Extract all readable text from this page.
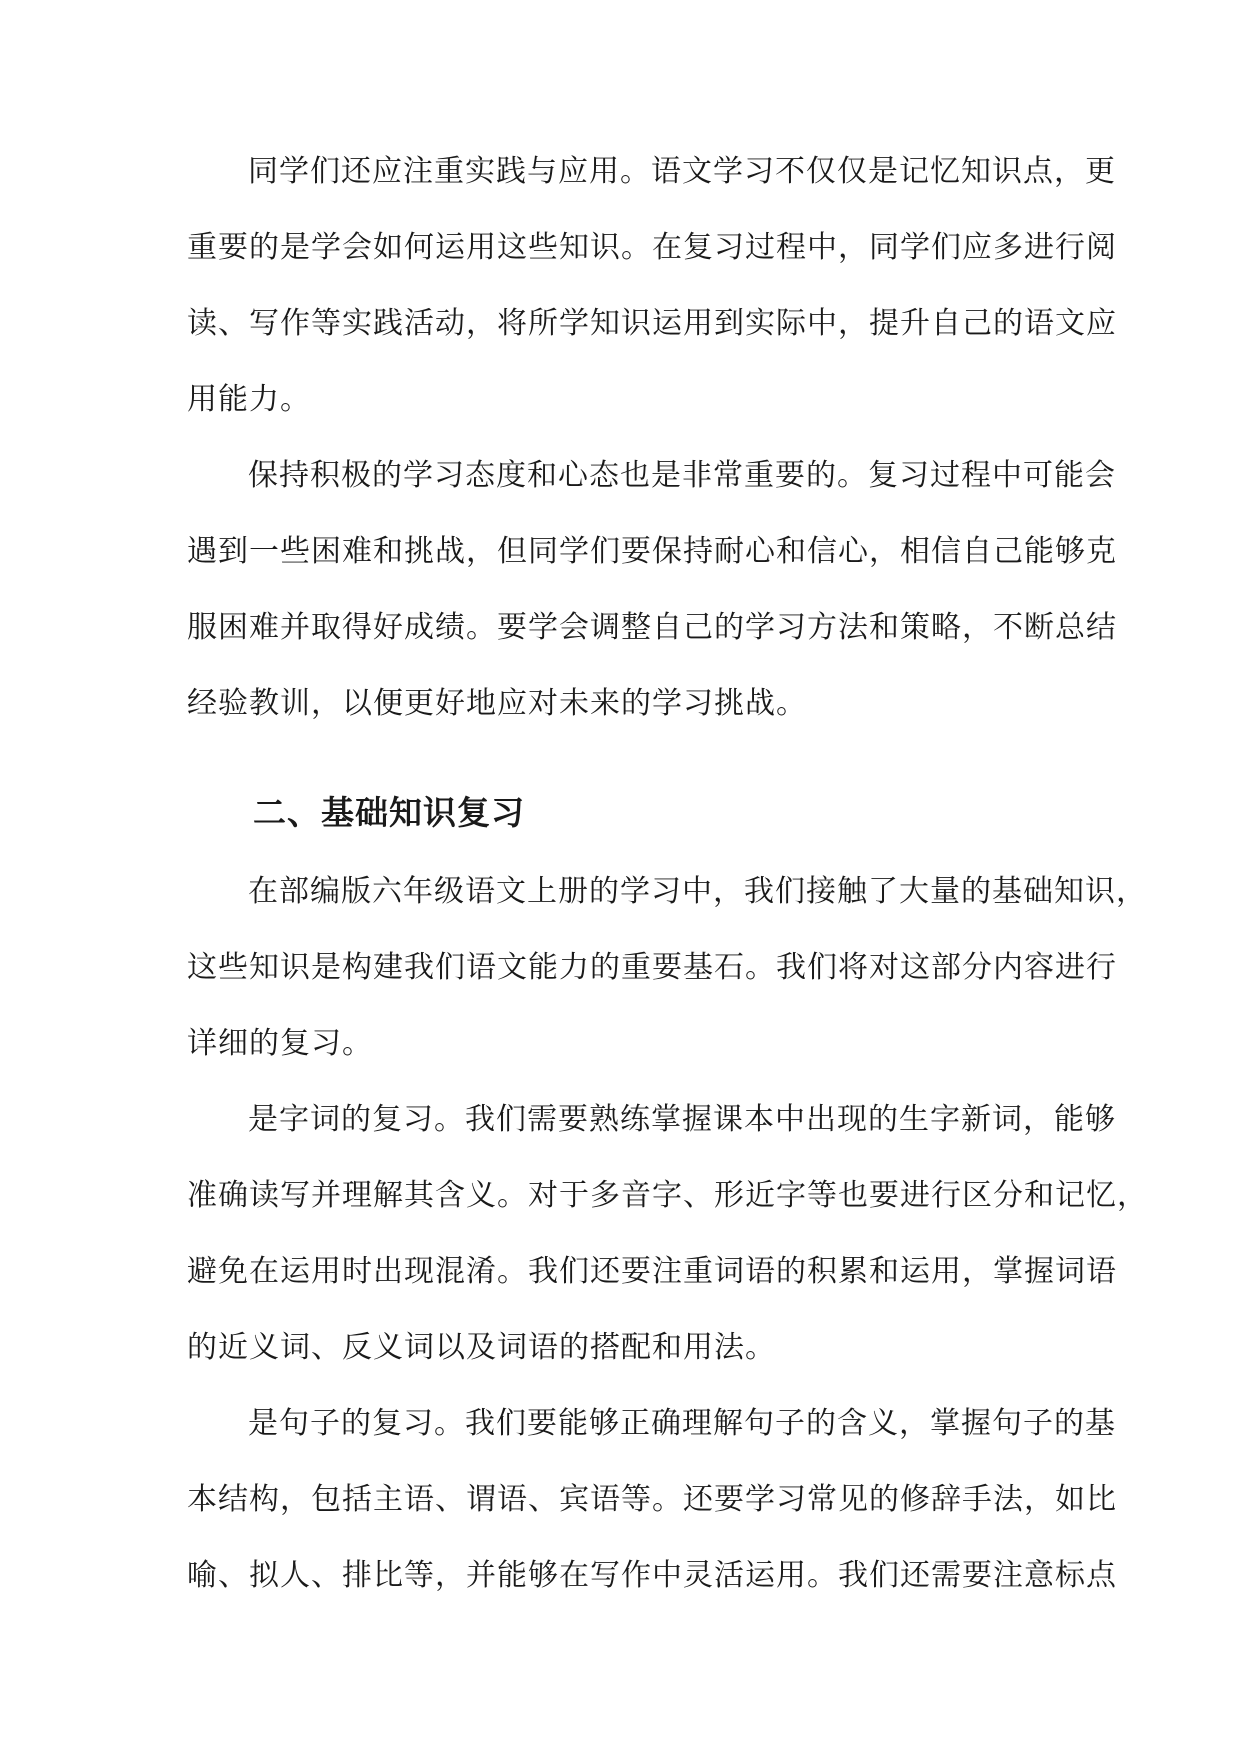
同学们还应注重实践与应用。语文学习不仅仅是记忆知识点，更
重要的是学会如何运用这些知识。在复习过程中，同学们应多进行阅
读、写作等实践活动，将所学知识运用到实际中，提升自己的语文应
用能力。
保持积极的学习态度和心态也是非常重要的。复习过程中可能会
遇到一些困难和挑战，但同学们要保持耐心和信心，相信自己能够克
服困难并取得好成绩。要学会调整自己的学习方法和策略，不断总结
经验教训，以便更好地应对未来的学习挑战。
二、基础知识复习
在部编版六年级语文上册的学习中，我们接触了大量的基础知识，
这些知识是构建我们语文能力的重要基石。我们将对这部分内容进行
详细的复习。
是字词的复习。我们需要熟练掌握课本中出现的生字新词，能够
准确读写并理解其含义。对于多音字、形近字等也要进行区分和记忆，
避免在运用时出现混淆。我们还要注重词语的积累和运用，掌握词语
的近义词、反义词以及词语的搭配和用法。
是句子的复习。我们要能够正确理解句子的含义，掌握句子的基
本结构，包括主语、谓语、宾语等。还要学习常见的修辞手法，如比
喻、拟人、排比等，并能够在写作中灵活运用。我们还需要注意标点
